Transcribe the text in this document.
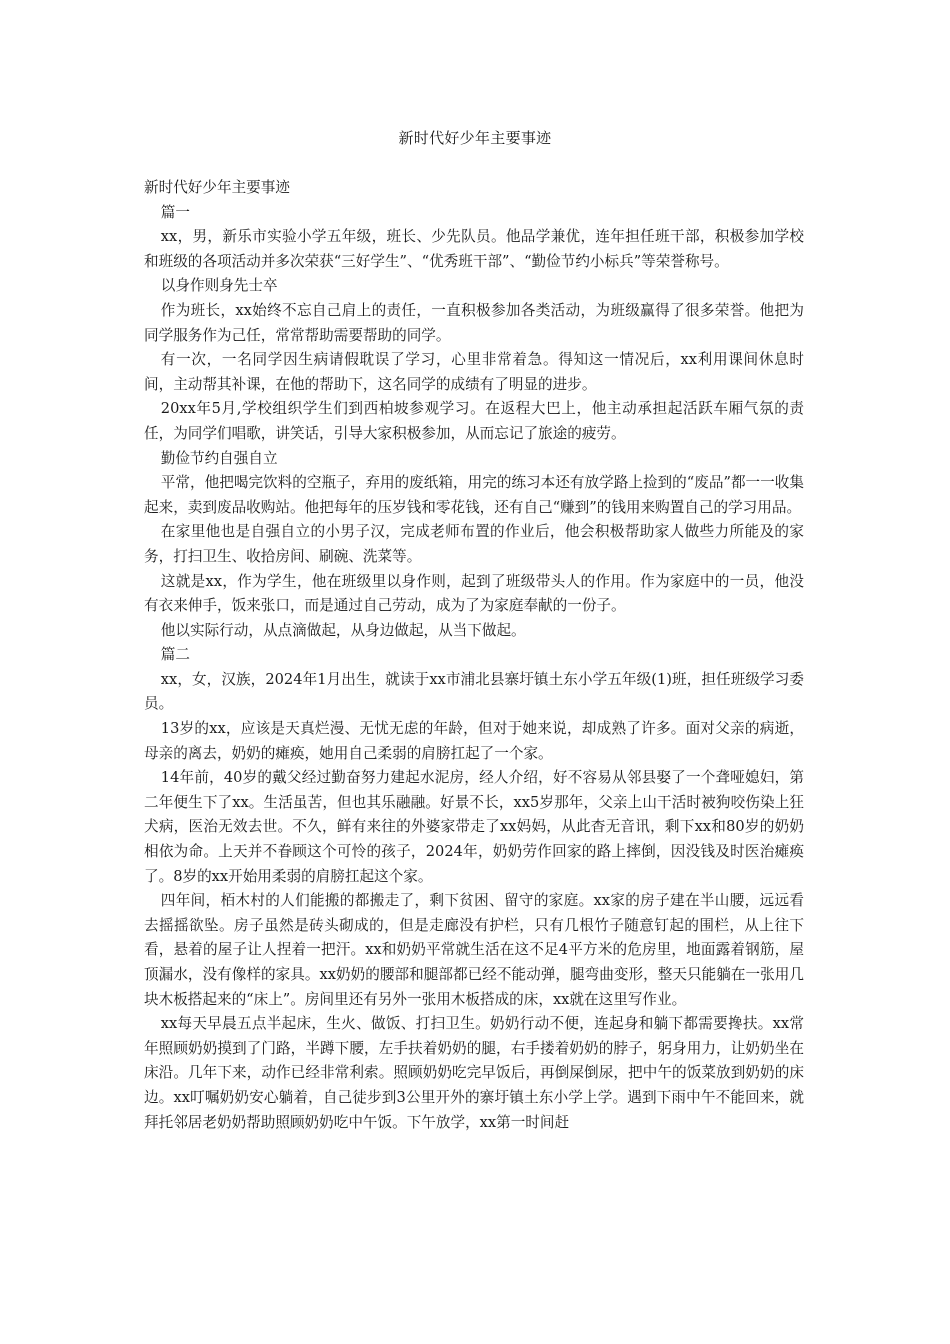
新时代好少年主要事迹

新时代好少年主要事迹

篇一

xx，男，新乐市实验小学五年级，班长、少先队员。他品学兼优，连年担任班干部，积极参加学校和班级的各项活动并多次荣获“三好学生”、“优秀班干部”、“勤俭节约小标兵”等荣誉称号。

以身作则身先士卒

作为班长，xx始终不忘自己肩上的责任，一直积极参加各类活动，为班级赢得了很多荣誉。他把为同学服务作为己任，常常帮助需要帮助的同学。

有一次，一名同学因生病请假耽误了学习，心里非常着急。得知这一情况后，xx利用课间休息时间，主动帮其补课，在他的帮助下，这名同学的成绩有了明显的进步。

20xx年5月,学校组织学生们到西柏坡参观学习。在返程大巴上，他主动承担起活跃车厢气氛的责任，为同学们唱歌，讲笑话，引导大家积极参加，从而忘记了旅途的疲劳。

勤俭节约自强自立

平常，他把喝完饮料的空瓶子，弃用的废纸箱，用完的练习本还有放学路上捡到的“废品”都一一收集起来，卖到废品收购站。他把每年的压岁钱和零花钱，还有自己“赚到”的钱用来购置自己的学习用品。

在家里他也是自强自立的小男子汉，完成老师布置的作业后，他会积极帮助家人做些力所能及的家务，打扫卫生、收拾房间、刷碗、洗菜等。

这就是xx，作为学生，他在班级里以身作则，起到了班级带头人的作用。作为家庭中的一员，他没有衣来伸手，饭来张口，而是通过自己劳动，成为了为家庭奉献的一份子。

他以实际行动，从点滴做起，从身边做起，从当下做起。

篇二

xx，女，汉族，2024年1月出生，就读于xx市浦北县寨圩镇土东小学五年级(1)班，担任班级学习委员。

13岁的xx，应该是天真烂漫、无忧无虑的年龄，但对于她来说，却成熟了许多。面对父亲的病逝，母亲的离去，奶奶的瘫痪，她用自己柔弱的肩膀扛起了一个家。

14年前，40岁的戴父经过勤奋努力建起水泥房，经人介绍，好不容易从邻县娶了一个聋哑媳妇，第二年便生下了xx。生活虽苦，但也其乐融融。好景不长，xx5岁那年，父亲上山干活时被狗咬伤染上狂犬病，医治无效去世。不久，鲜有来往的外婆家带走了xx妈妈，从此杳无音讯，剩下xx和80岁的奶奶相依为命。上天并不眷顾这个可怜的孩子，2024年，奶奶劳作回家的路上摔倒，因没钱及时医治瘫痪了。8岁的xx开始用柔弱的肩膀扛起这个家。

四年间，栢木村的人们能搬的都搬走了，剩下贫困、留守的家庭。xx家的房子建在半山腰，远远看去摇摇欲坠。房子虽然是砖头砌成的，但是走廊没有护栏，只有几根竹子随意钉起的围栏，从上往下看，悬着的屋子让人捏着一把汗。xx和奶奶平常就生活在这不足4平方米的危房里，地面露着钢筋，屋顶漏水，没有像样的家具。xx奶奶的腰部和腿部都已经不能动弹，腿弯曲变形，整天只能躺在一张用几块木板搭起来的“床上”。房间里还有另外一张用木板搭成的床，xx就在这里写作业。

xx每天早晨五点半起床，生火、做饭、打扫卫生。奶奶行动不便，连起身和躺下都需要搀扶。xx常年照顾奶奶摸到了门路，半蹲下腰，左手扶着奶奶的腿，右手搂着奶奶的脖子，躬身用力，让奶奶坐在床沿。几年下来，动作已经非常利索。照顾奶奶吃完早饭后，再倒屎倒尿，把中午的饭菜放到奶奶的床边。xx叮嘱奶奶安心躺着，自己徒步到3公里开外的寨圩镇土东小学上学。遇到下雨中午不能回来，就拜托邻居老奶奶帮助照顾奶奶吃中午饭。下午放学，xx第一时间赶
